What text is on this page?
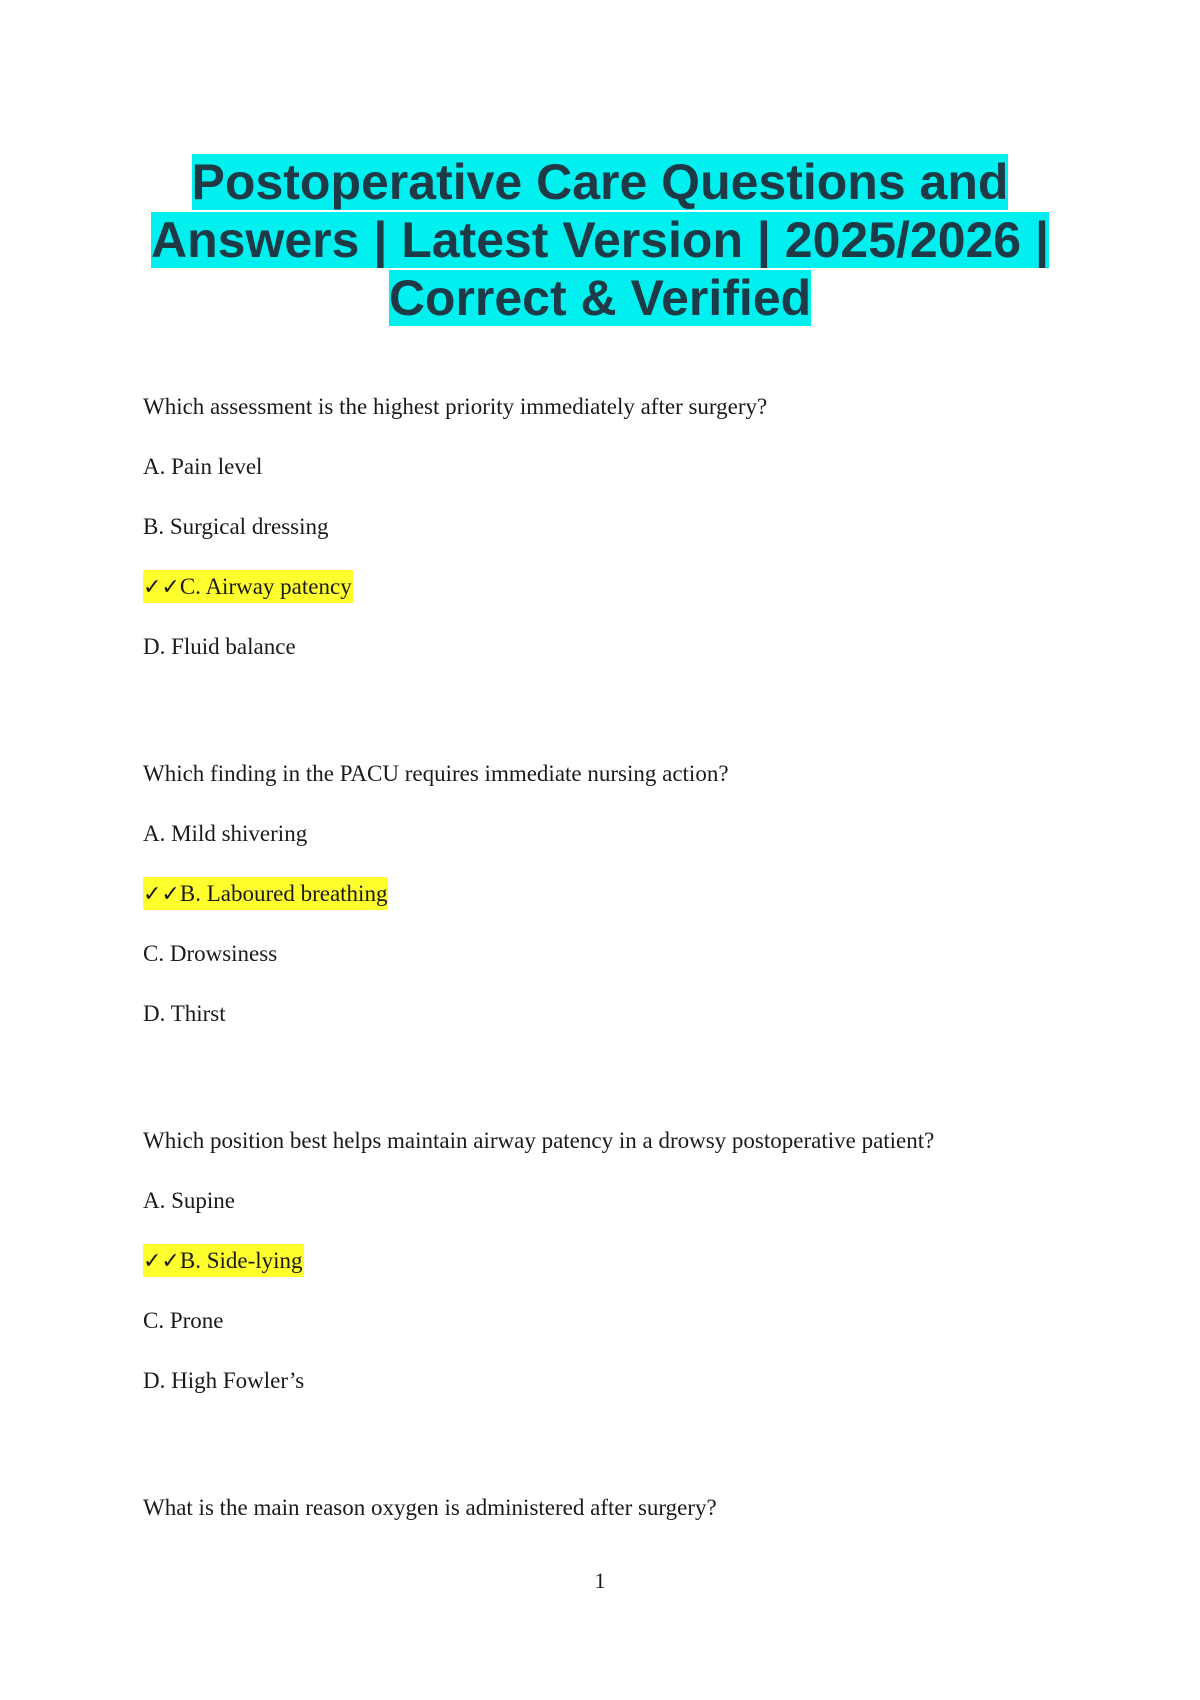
Postoperative Care Questions and
Answers | Latest Version | 2025/2026 |
Correct & Verified

Which assessment is the highest priority immediately after surgery?

A. Pain level

B. Surgical dressing

✓✓C. Airway patency

D. Fluid balance

Which finding in the PACU requires immediate nursing action?

A. Mild shivering

✓✓B. Laboured breathing

C. Drowsiness

D. Thirst

Which position best helps maintain airway patency in a drowsy postoperative patient?

A. Supine

✓✓B. Side-lying

C. Prone

D. High Fowler’s

What is the main reason oxygen is administered after surgery?

1
